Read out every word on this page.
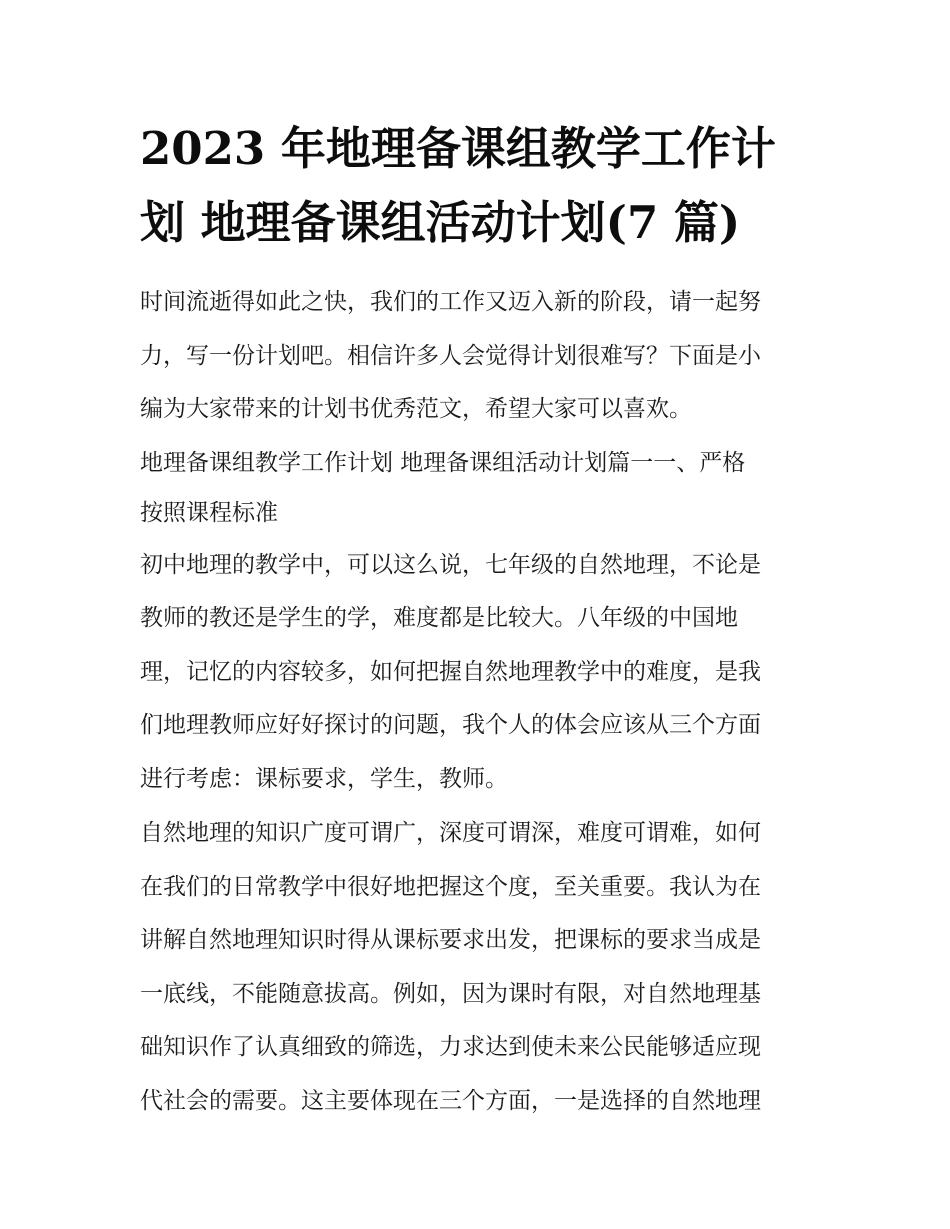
2023 年地理备课组教学工作计
划 地理备课组活动计划(7 篇)

时间流逝得如此之快，我们的工作又迈入新的阶段，请一起努
力，写一份计划吧。相信许多人会觉得计划很难写？下面是小
编为大家带来的计划书优秀范文，希望大家可以喜欢。

地理备课组教学工作计划 地理备课组活动计划篇一一、严格
按照课程标准

初中地理的教学中，可以这么说，七年级的自然地理，不论是
教师的教还是学生的学，难度都是比较大。八年级的中国地
理，记忆的内容较多，如何把握自然地理教学中的难度，是我
们地理教师应好好探讨的问题，我个人的体会应该从三个方面
进行考虑：课标要求，学生，教师。

自然地理的知识广度可谓广，深度可谓深，难度可谓难，如何
在我们的日常教学中很好地把握这个度，至关重要。我认为在
讲解自然地理知识时得从课标要求出发，把课标的要求当成是
一底线，不能随意拔高。例如，因为课时有限，对自然地理基
础知识作了认真细致的筛选，力求达到使未来公民能够适应现
代社会的需要。这主要体现在三个方面，一是选择的自然地理
